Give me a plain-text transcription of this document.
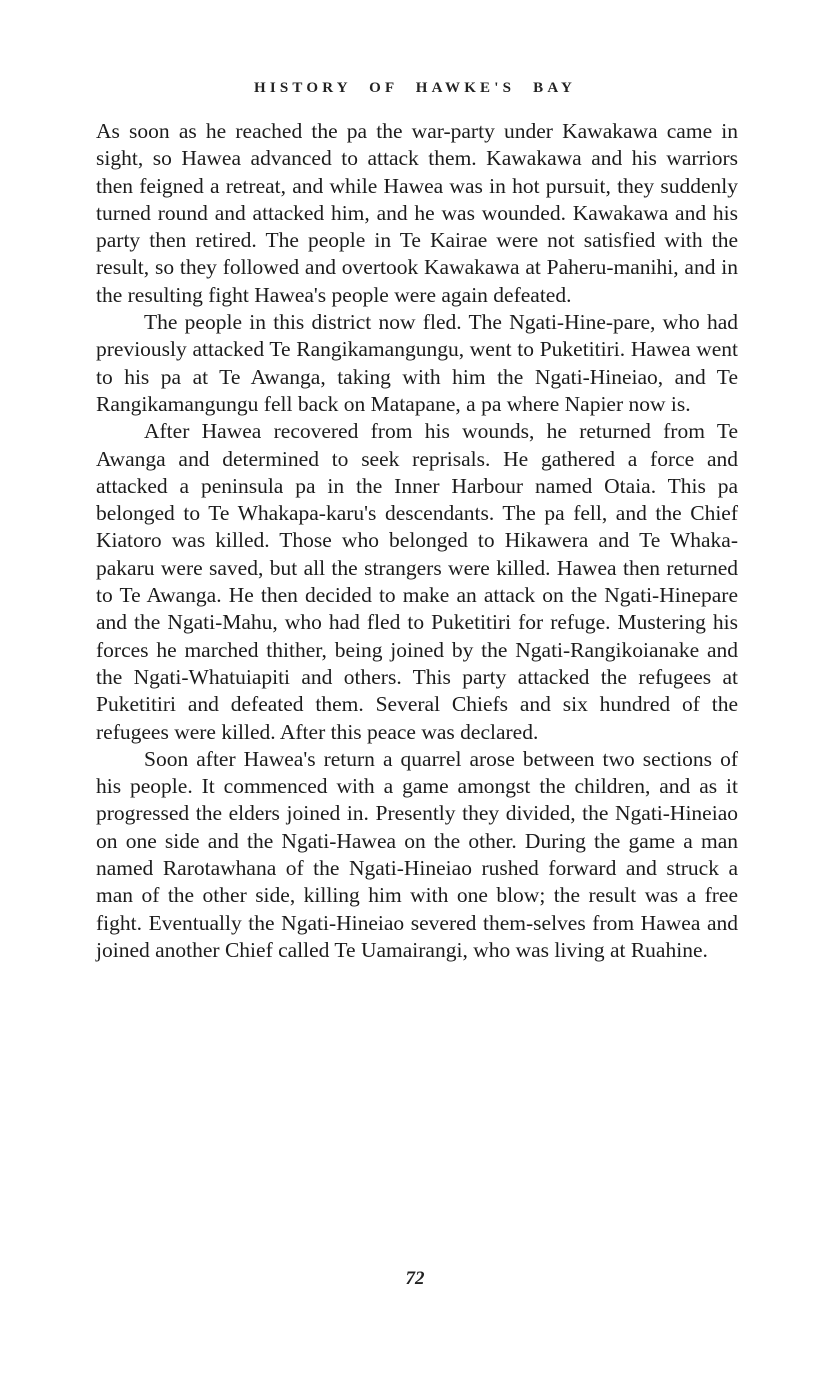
HISTORY OF HAWKE'S BAY

As soon as he reached the pa the war-party under Kawakawa came in sight, so Hawea advanced to attack them. Kawakawa and his warriors then feigned a retreat, and while Hawea was in hot pursuit, they suddenly turned round and attacked him, and he was wounded. Kawakawa and his party then retired. The people in Te Kairae were not satisfied with the result, so they followed and overtook Kawakawa at Paheru-manihi, and in the resulting fight Hawea's people were again defeated.

The people in this district now fled. The Ngati-Hine-pare, who had previously attacked Te Rangikamangungu, went to Puketitiri. Hawea went to his pa at Te Awanga, taking with him the Ngati-Hineiao, and Te Rangikamangungu fell back on Matapane, a pa where Napier now is.

After Hawea recovered from his wounds, he returned from Te Awanga and determined to seek reprisals. He gathered a force and attacked a peninsula pa in the Inner Harbour named Otaia. This pa belonged to Te Whakapa-karu's descendants. The pa fell, and the Chief Kiatoro was killed. Those who belonged to Hikawera and Te Whaka-pakaru were saved, but all the strangers were killed. Hawea then returned to Te Awanga. He then decided to make an attack on the Ngati-Hinepare and the Ngati-Mahu, who had fled to Puketitiri for refuge. Mustering his forces he marched thither, being joined by the Ngati-Rangikoianake and the Ngati-Whatuiapiti and others. This party attacked the refugees at Puketitiri and defeated them. Several Chiefs and six hundred of the refugees were killed. After this peace was declared.

Soon after Hawea's return a quarrel arose between two sections of his people. It commenced with a game amongst the children, and as it progressed the elders joined in. Presently they divided, the Ngati-Hineiao on one side and the Ngati-Hawea on the other. During the game a man named Rarotawhana of the Ngati-Hineiao rushed forward and struck a man of the other side, killing him with one blow; the result was a free fight. Eventually the Ngati-Hineiao severed them-selves from Hawea and joined another Chief called Te Uamairangi, who was living at Ruahine.

72
